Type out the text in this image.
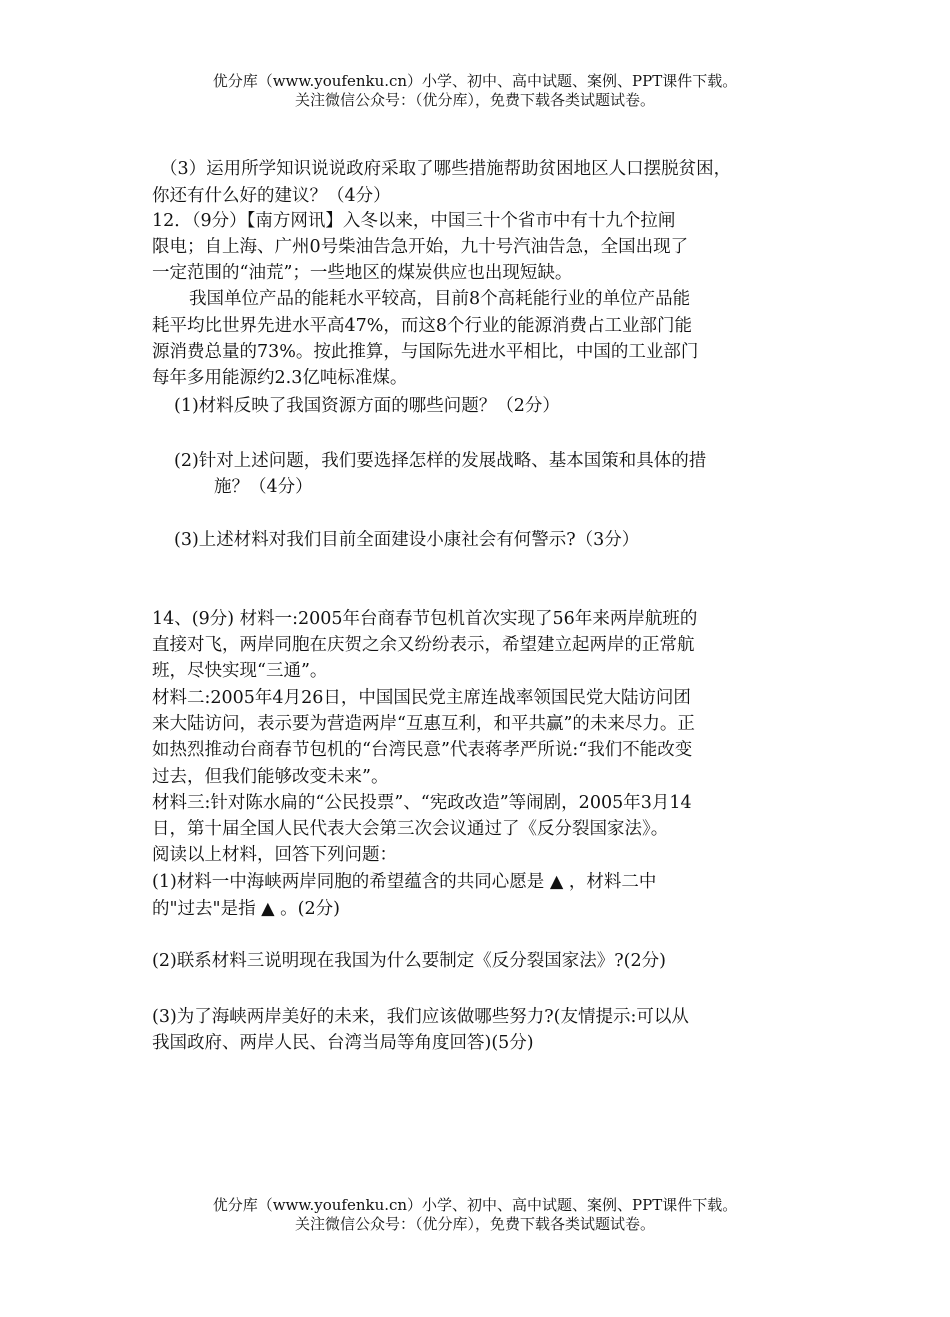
优分库（www.youfenku.cn）小学、初中、高中试题、案例、PPT课件下载。
关注微信公众号：（优分库），免费下载各类试题试卷。
（3）运用所学知识说说政府采取了哪些措施帮助贫困地区人口摆脱贫困，
你还有什么好的建议？（4分）
12．（9分）【南方网讯】入冬以来，中国三十个省市中有十九个拉闸
限电；自上海、广州0号柴油告急开始，九十号汽油告急，全国出现了
一定范围的“油荒”；一些地区的煤炭供应也出现短缺。
我国单位产品的能耗水平较高，目前8个高耗能行业的单位产品能
耗平均比世界先进水平高47%，而这8个行业的能源消费占工业部门能
源消费总量的73%。按此推算，与国际先进水平相比，中国的工业部门
每年多用能源约2.3亿吨标准煤。
(1)材料反映了我国资源方面的哪些问题？（2分）
(2)针对上述问题，我们要选择怎样的发展战略、基本国策和具体的措
施？（4分）
(3)上述材料对我们目前全面建设小康社会有何警示?（3分）
14、(9分) 材料一:2005年台商春节包机首次实现了56年来两岸航班的
直接对飞，两岸同胞在庆贺之余又纷纷表示，希望建立起两岸的正常航
班，尽快实现“三通”。
材料二:2005年4月26日，中国国民党主席连战率领国民党大陆访问团
来大陆访问，表示要为营造两岸“互惠互利，和平共赢”的未来尽力。正
如热烈推动台商春节包机的“台湾民意”代表蒋孝严所说:“我们不能改变
过去，但我们能够改变未来”。
材料三:针对陈水扁的“公民投票”、“宪政改造”等闹剧，2005年3月14
日，第十届全国人民代表大会第三次会议通过了《反分裂国家法》。
阅读以上材料，回答下列问题：
(1)材料一中海峡两岸同胞的希望蕴含的共同心愿是 ▲ ，材料二中
的"过去"是指 ▲ 。(2分)
(2)联系材料三说明现在我国为什么要制定《反分裂国家法》?(2分)
(3)为了海峡两岸美好的未来，我们应该做哪些努力?(友情提示:可以从
我国政府、两岸人民、台湾当局等角度回答)(5分)
优分库（www.youfenku.cn）小学、初中、高中试题、案例、PPT课件下载。
关注微信公众号：（优分库），免费下载各类试题试卷。
